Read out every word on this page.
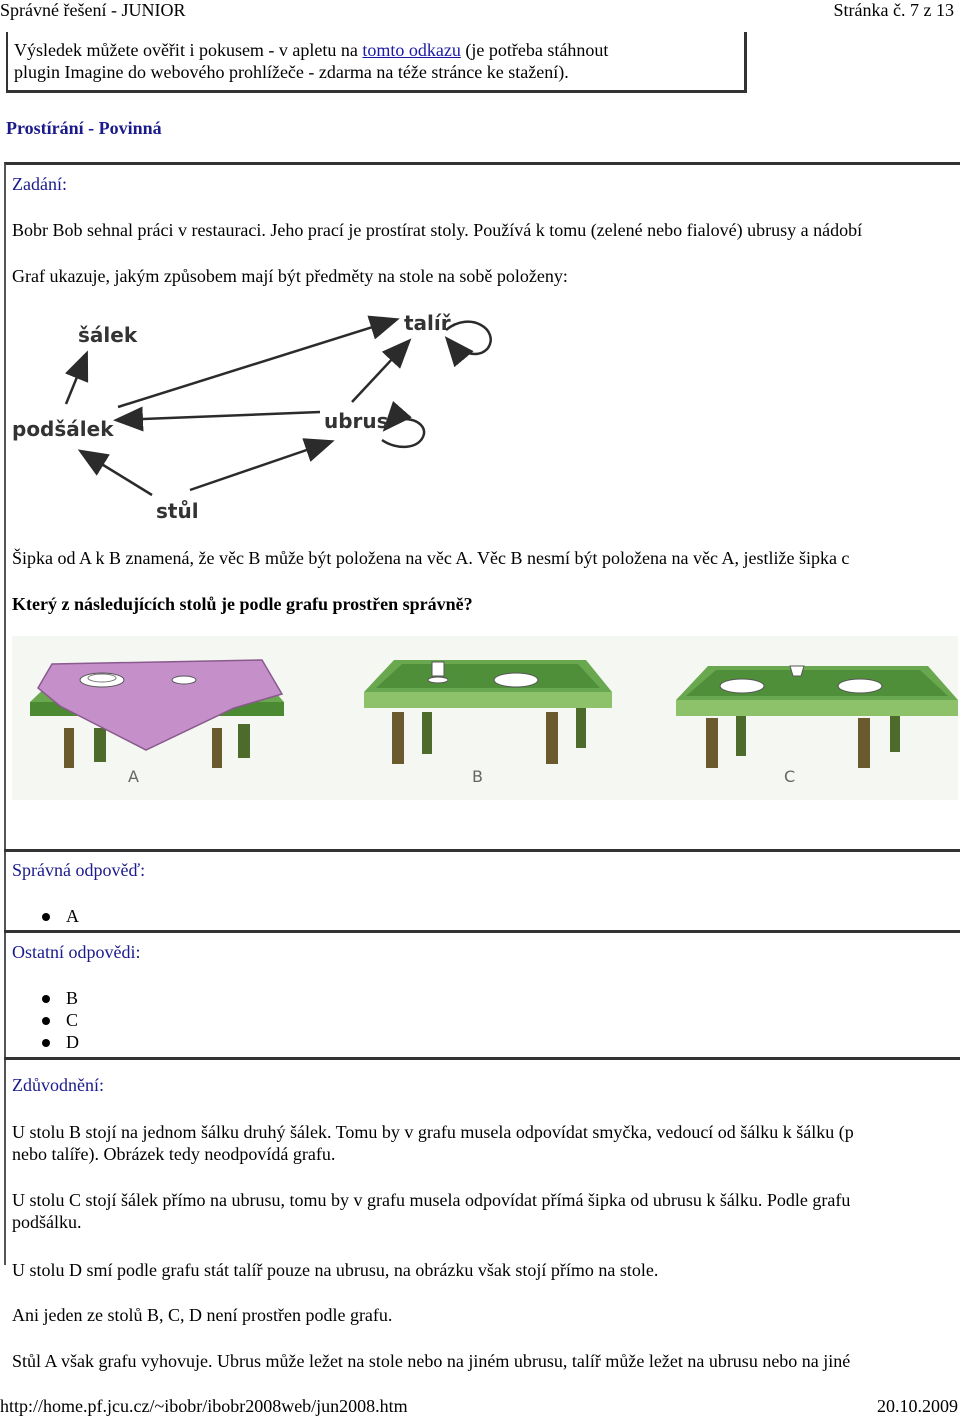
Správné řešení - JUNIOR	Stránka č. 7 z 13
Výsledek můžete ověřit i pokusem - v apletu na tomto odkazu (je potřeba stáhnout
plugin Imagine do webového prohlížeče - zdarma na téže stránce ke stažení).
Prostírání - Povinná
Zadání:
Bobr Bob sehnal práci v restauraci. Jeho prací je prostírat stoly. Používá k tomu (zelené nebo fialové) ubrusy a nádobí
Graf ukazuje, jakým způsobem mají být předměty na stole na sobě položeny:
šálek	talíř
podšálek	ubrus
stůl
Šipka od A k B znamená, že věc B může být položena na věc A. Věc B nesmí být položena na věc A, jestliže šipka c
Který z následujících stolů je podle grafu prostřen správně?
A	B	C
Správná odpověď:
A
Ostatní odpovědi:
B
C
D
Zdůvodnění:
U stolu B stojí na jednom šálku druhý šálek. Tomu by v grafu musela odpovídat smyčka, vedoucí od šálku k šálku (p
nebo talíře). Obrázek tedy neodpovídá grafu.
U stolu C stojí šálek přímo na ubrusu, tomu by v grafu musela odpovídat přímá šipka od ubrusu k šálku. Podle grafu
podšálku.
U stolu D smí podle grafu stát talíř pouze na ubrusu, na obrázku však stojí přímo na stole.
Ani jeden ze stolů B, C, D není prostřen podle grafu.
Stůl A však grafu vyhovuje. Ubrus může ležet na stole nebo na jiném ubrusu, talíř může ležet na ubrusu nebo na jiné
http://home.pf.jcu.cz/~ibobr/ibobr2008web/jun2008.htm	20.10.2009
